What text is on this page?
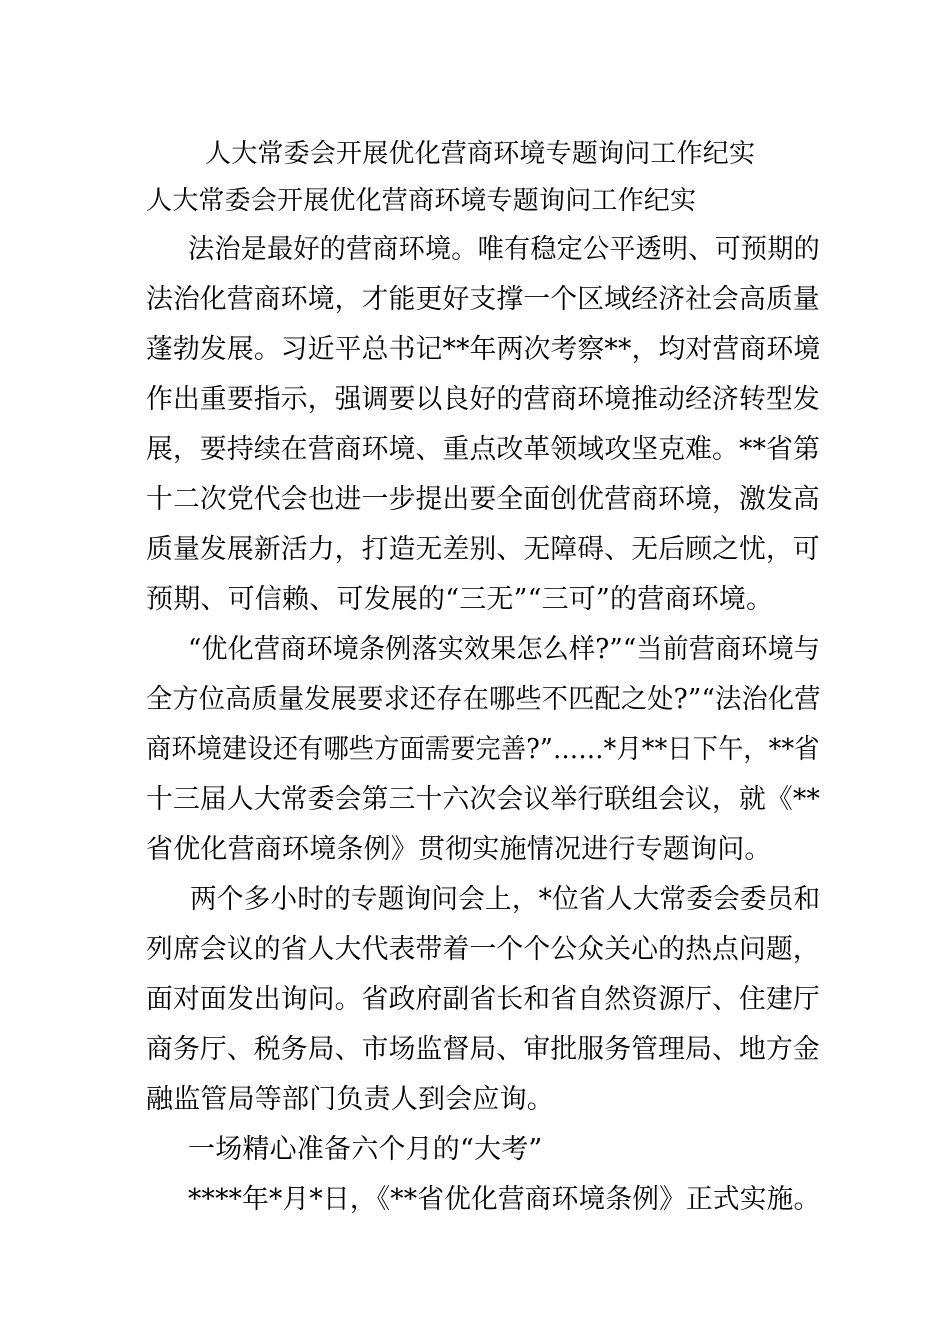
人大常委会开展优化营商环境专题询问工作纪实
人大常委会开展优化营商环境专题询问工作纪实
法治是最好的营商环境。唯有稳定公平透明、可预期的
法治化营商环境，才能更好支撑一个区域经济社会高质量
蓬勃发展。习近平总书记**年两次考察**，均对营商环境
作出重要指示，强调要以良好的营商环境推动经济转型发
展，要持续在营商环境、重点改革领域攻坚克难。**省第
十二次党代会也进一步提出要全面创优营商环境，激发高
质量发展新活力，打造无差别、无障碍、无后顾之忧，可
预期、可信赖、可发展的“三无”“三可”的营商环境。
“优化营商环境条例落实效果怎么样?”“当前营商环境与
全方位高质量发展要求还存在哪些不匹配之处?”“法治化营
商环境建设还有哪些方面需要完善?”……*月**日下午，**省
十三届人大常委会第三十六次会议举行联组会议，就《**
省优化营商环境条例》贯彻实施情况进行专题询问。
两个多小时的专题询问会上，*位省人大常委会委员和
列席会议的省人大代表带着一个个公众关心的热点问题，
面对面发出询问。省政府副省长和省自然资源厅、住建厅
商务厅、税务局、市场监督局、审批服务管理局、地方金
融监管局等部门负责人到会应询。
一场精心准备六个月的“大考”
****年*月*日，《**省优化营商环境条例》正式实施。
